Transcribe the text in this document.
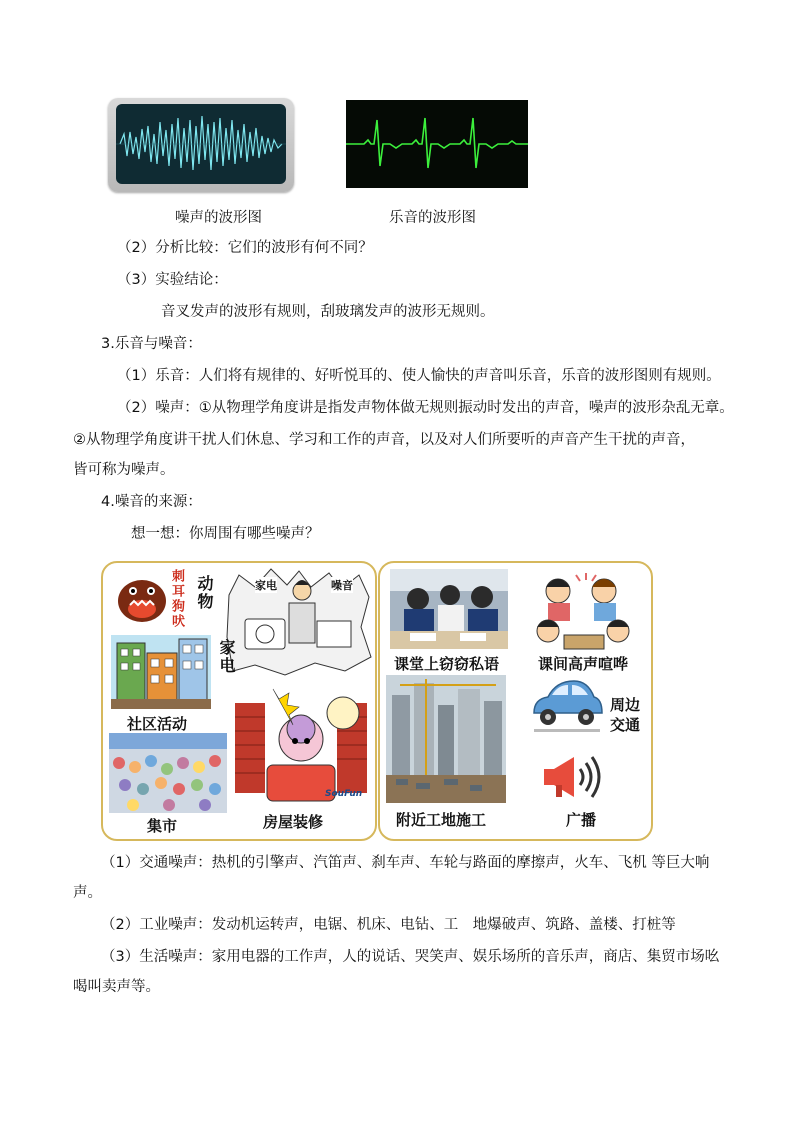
噪声的波形图	乐音的波形图
（2）分析比较：它们的波形有何不同？
（3）实验结论：
音叉发声的波形有规则，刮玻璃发声的波形无规则。
3.乐音与噪音：
（1）乐音：人们将有规律的、好听悦耳的、使人愉快的声音叫乐音，乐音的波形图则有规则。
（2）噪声：①从物理学角度讲是指发声物体做无规则振动时发出的声音，噪声的波形杂乱无章。
②从物理学角度讲干扰人们休息、学习和工作的声音，以及对人们所要听的声音产生干扰的声音，
皆可称为噪声。
4.噪音的来源：
想一想：你周围有哪些噪声？
刺耳狗吠 动物	家电	噪音
家电
社区活动
集市
SouFun
房屋装修
课堂上窃窃私语	课间高声喧哗
附近工地施工
周边
交通
广播
（1）交通噪声：热机的引擎声、汽笛声、刹车声、车轮与路面的摩擦声，火车、飞机 等巨大响
声。
（2）工业噪声：发动机运转声，电锯、机床、电钻、工　地爆破声、筑路、盖楼、打桩等
（3）生活噪声：家用电器的工作声，人的说话、哭笑声、娱乐场所的音乐声，商店、集贸市场吆
喝叫卖声等。
